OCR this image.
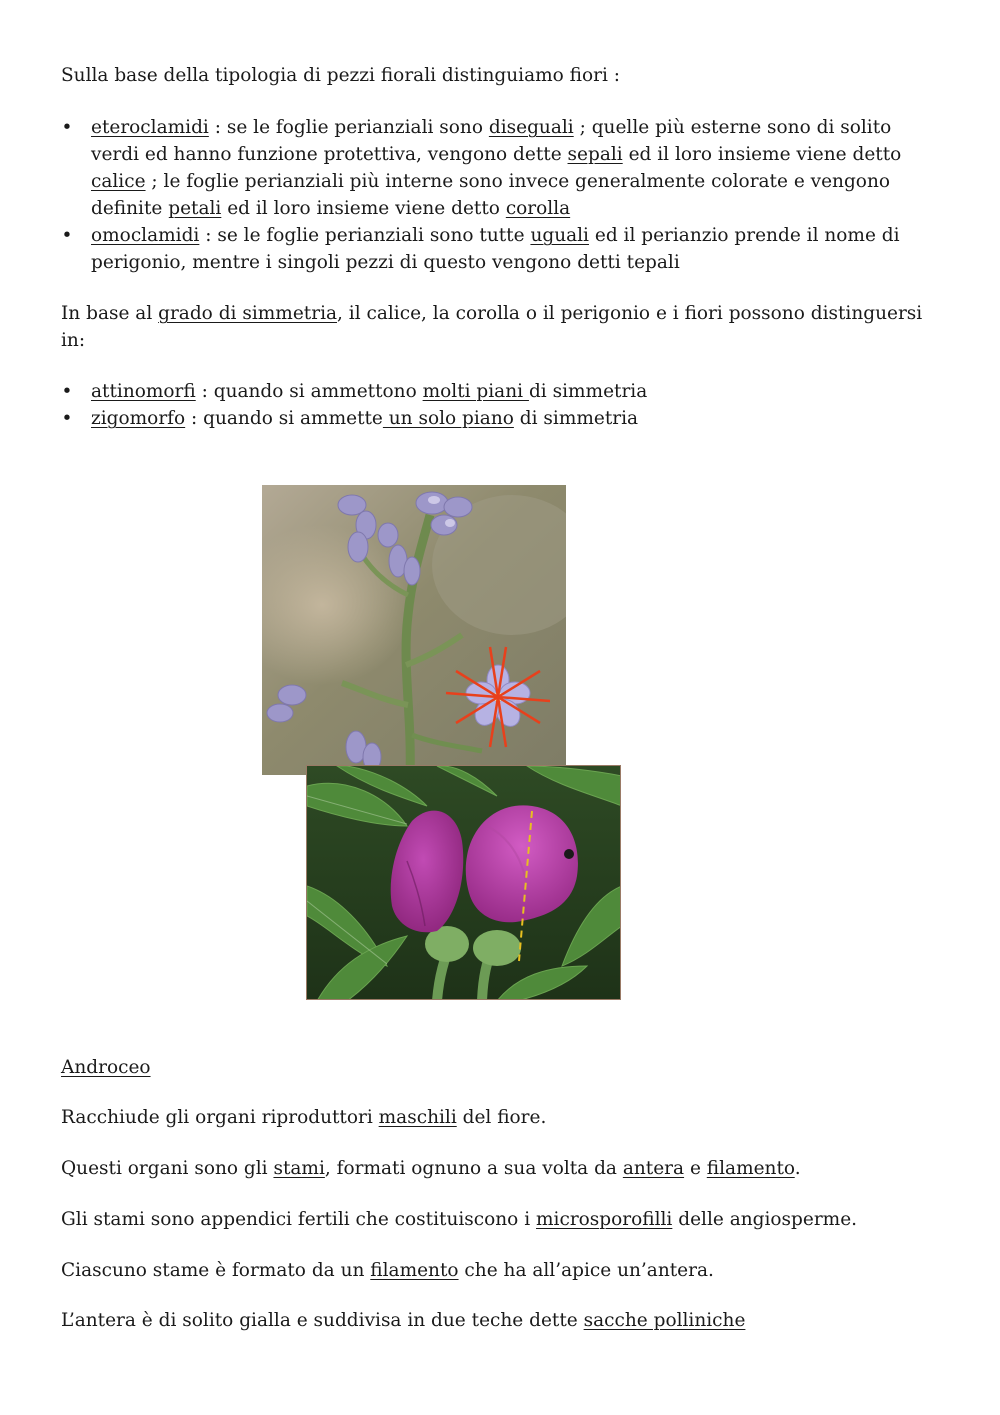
Sulla base della tipologia di pezzi fiorali distinguiamo fiori :

• eteroclamidi : se le foglie perianziali sono diseguali ; quelle più esterne sono di solito verdi ed hanno funzione protettiva, vengono dette sepali ed il loro insieme viene detto calice ; le foglie perianziali più interne sono invece generalmente colorate e vengono definite petali ed il loro insieme viene detto corolla
• omoclamidi : se le foglie perianziali sono tutte uguali ed il perianzio prende il nome di perigonio, mentre i singoli pezzi di questo vengono detti tepali

In base al grado di simmetria, il calice, la corolla o il perigonio e i fiori possono distinguersi in:

• attinomorfi : quando si ammettono molti piani di simmetria
• zigomorfo : quando si ammette un solo piano di simmetria

Androceo

Racchiude gli organi riproduttori maschili del fiore.

Questi organi sono gli stami, formati ognuno a sua volta da antera e filamento.

Gli stami sono appendici fertili che costituiscono i microsporofilli delle angiosperme.

Ciascuno stame è formato da un filamento che ha all’apice un’antera.

L’antera è di solito gialla e suddivisa in due teche dette sacche polliniche
